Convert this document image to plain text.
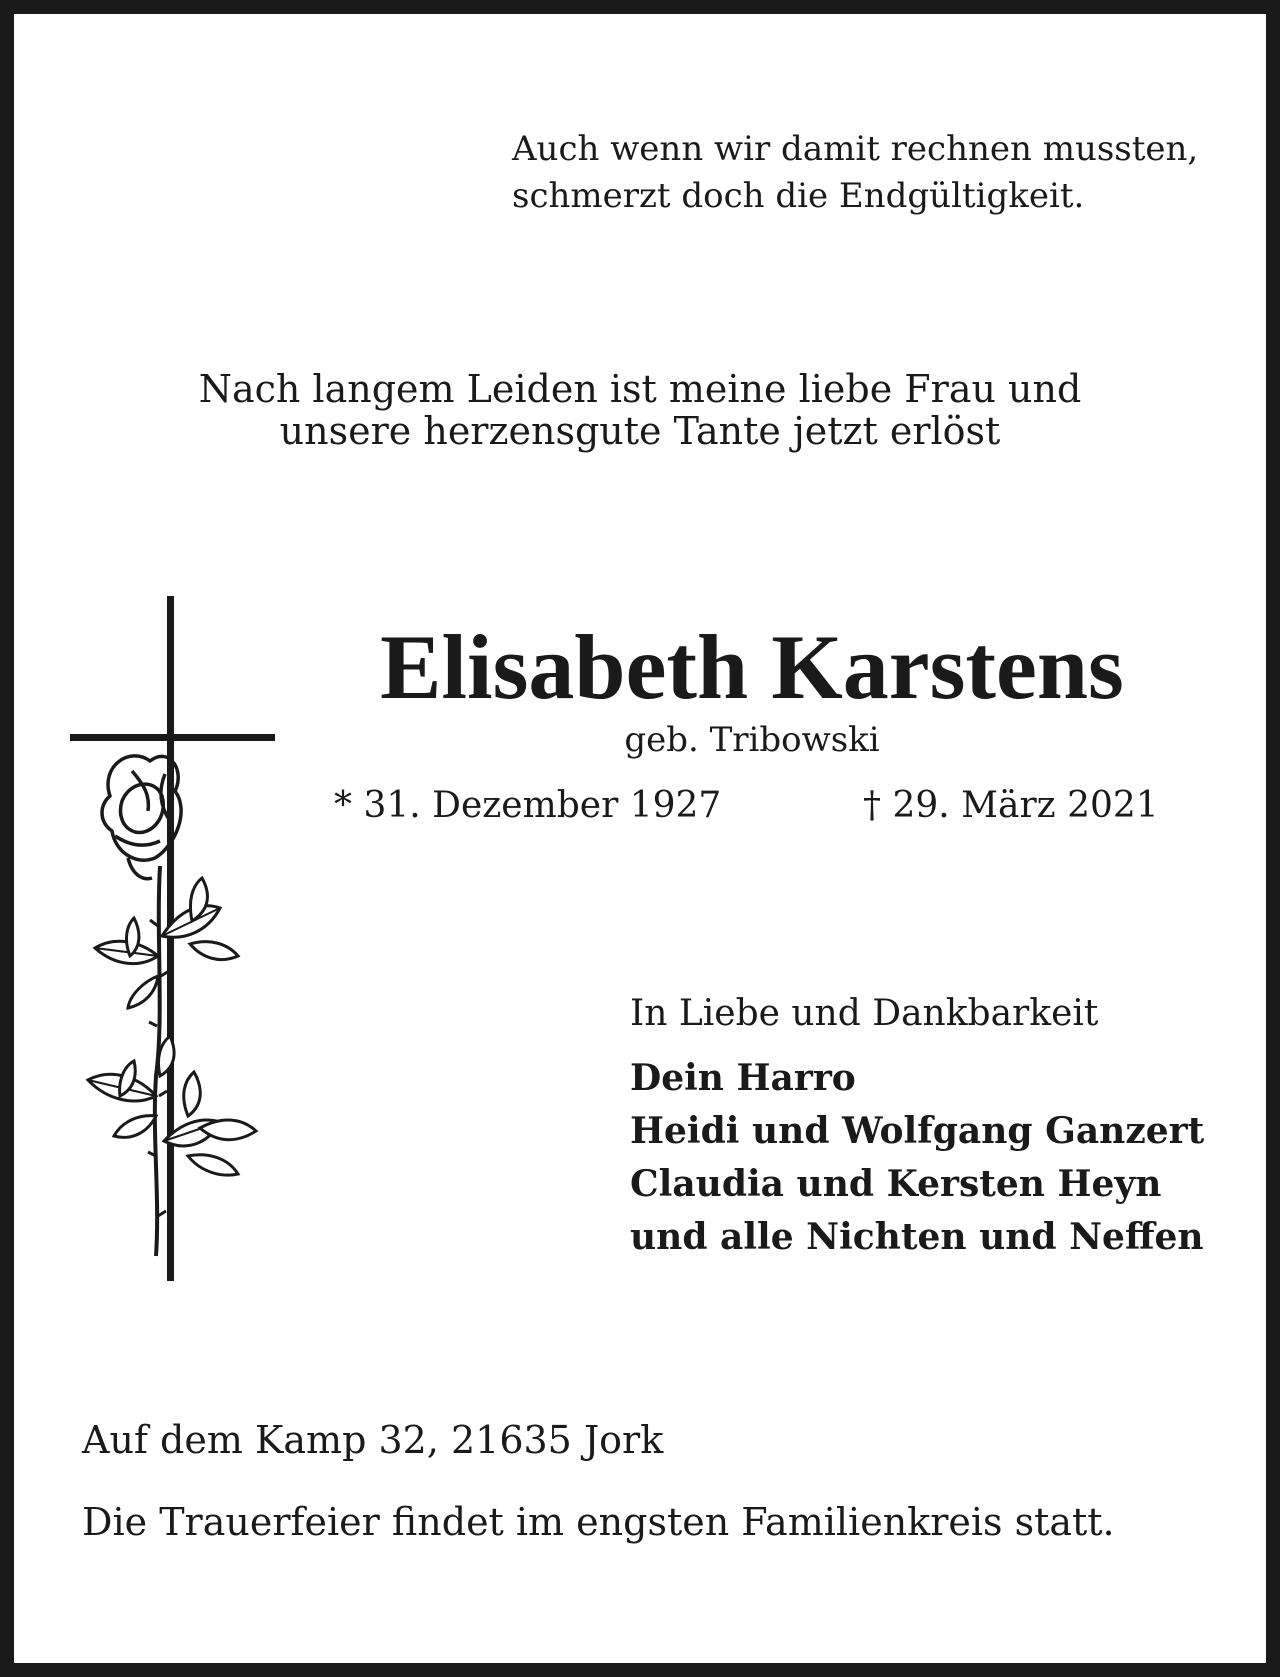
Auch wenn wir damit rechnen mussten,
schmerzt doch die Endgültigkeit.
Nach langem Leiden ist meine liebe Frau und
unsere herzensgute Tante jetzt erlöst
Elisabeth Karstens
geb. Tribowski
* 31. Dezember 1927	† 29. März 2021
In Liebe und Dankbarkeit
Dein Harro
Heidi und Wolfgang Ganzert
Claudia und Kersten Heyn
und alle Nichten und Neffen
Auf dem Kamp 32, 21635 Jork
Die Trauerfeier findet im engsten Familienkreis statt.
